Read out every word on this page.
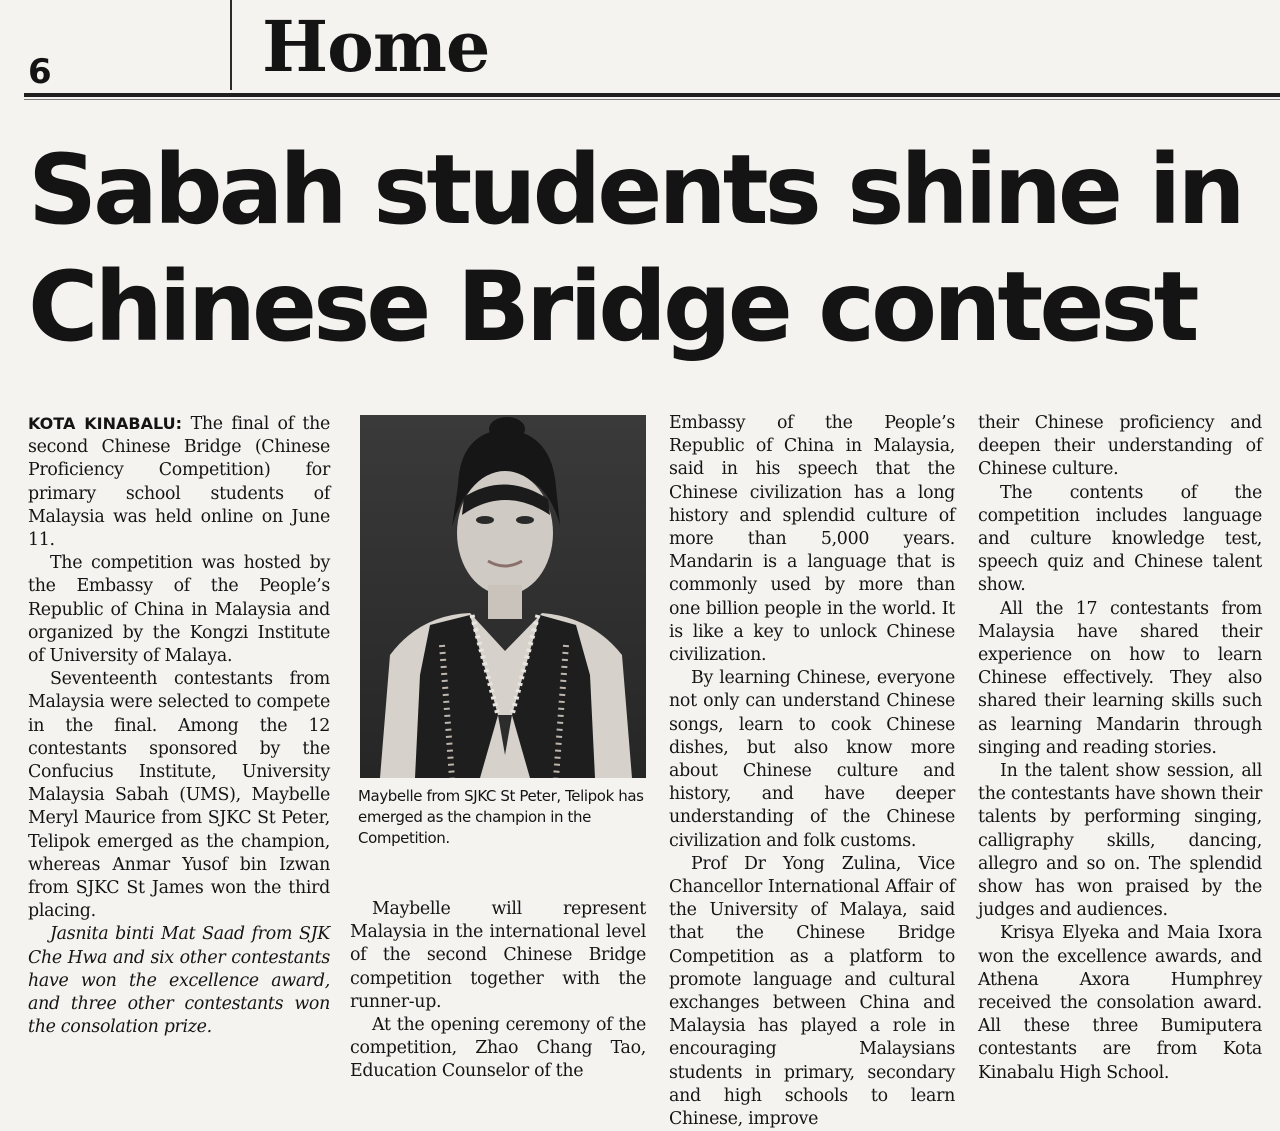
6	Home
Sabah students shine in Chinese Bridge contest

KOTA KINABALU: The final of the second Chinese Bridge (Chinese Proficiency Competition) for primary school students of Malaysia was held online on June 11.

The competition was hosted by the Embassy of the People’s Republic of China in Malaysia and organized by the Kongzi Institute of University of Malaya.

Seventeenth contestants from Malaysia were selected to compete in the final. Among the 12 contestants sponsored by the Confucius Institute, University Malaysia Sabah (UMS), Maybelle Meryl Maurice from SJKC St Peter, Telipok emerged as the champion, whereas Anmar Yusof bin Izwan from SJKC St James won the third placing.

Jasnita binti Mat Saad from SJK Che Hwa and six other contestants have won the excellence award, and three other contestants won the consolation prize.

Maybelle from SJKC St Peter, Telipok has emerged as the champion in the Competition.

Maybelle will represent Malaysia in the international level of the second Chinese Bridge competition together with the runner-up.

At the opening ceremony of the competition, Zhao Chang Tao, Education Counselor of the

Embassy of the People’s Republic of China in Malaysia, said in his speech that the Chinese civilization has a long history and splendid culture of more than 5,000 years. Mandarin is a language that is commonly used by more than one billion people in the world. It is like a key to unlock Chinese civilization.

By learning Chinese, everyone not only can understand Chinese songs, learn to cook Chinese dishes, but also know more about Chinese culture and history, and have deeper understanding of the Chinese civilization and folk customs.

Prof Dr Yong Zulina, Vice Chancellor International Affair of the University of Malaya, said that the Chinese Bridge Competition as a platform to promote language and cultural exchanges between China and Malaysia has played a role in encouraging Malaysians students in primary, secondary and high schools to learn Chinese, improve

their Chinese proficiency and deepen their understanding of Chinese culture.

The contents of the competition includes language and culture knowledge test, speech quiz and Chinese talent show.

All the 17 contestants from Malaysia have shared their experience on how to learn Chinese effectively. They also shared their learning skills such as learning Mandarin through singing and reading stories.

In the talent show session, all the contestants have shown their talents by performing singing, calligraphy skills, dancing, allegro and so on. The splendid show has won praised by the judges and audiences.

Krisya Elyeka and Maia Ixora won the excellence awards, and Athena Axora Humphrey received the consolation award. All these three Bumiputera contestants are from Kota Kinabalu High School.
